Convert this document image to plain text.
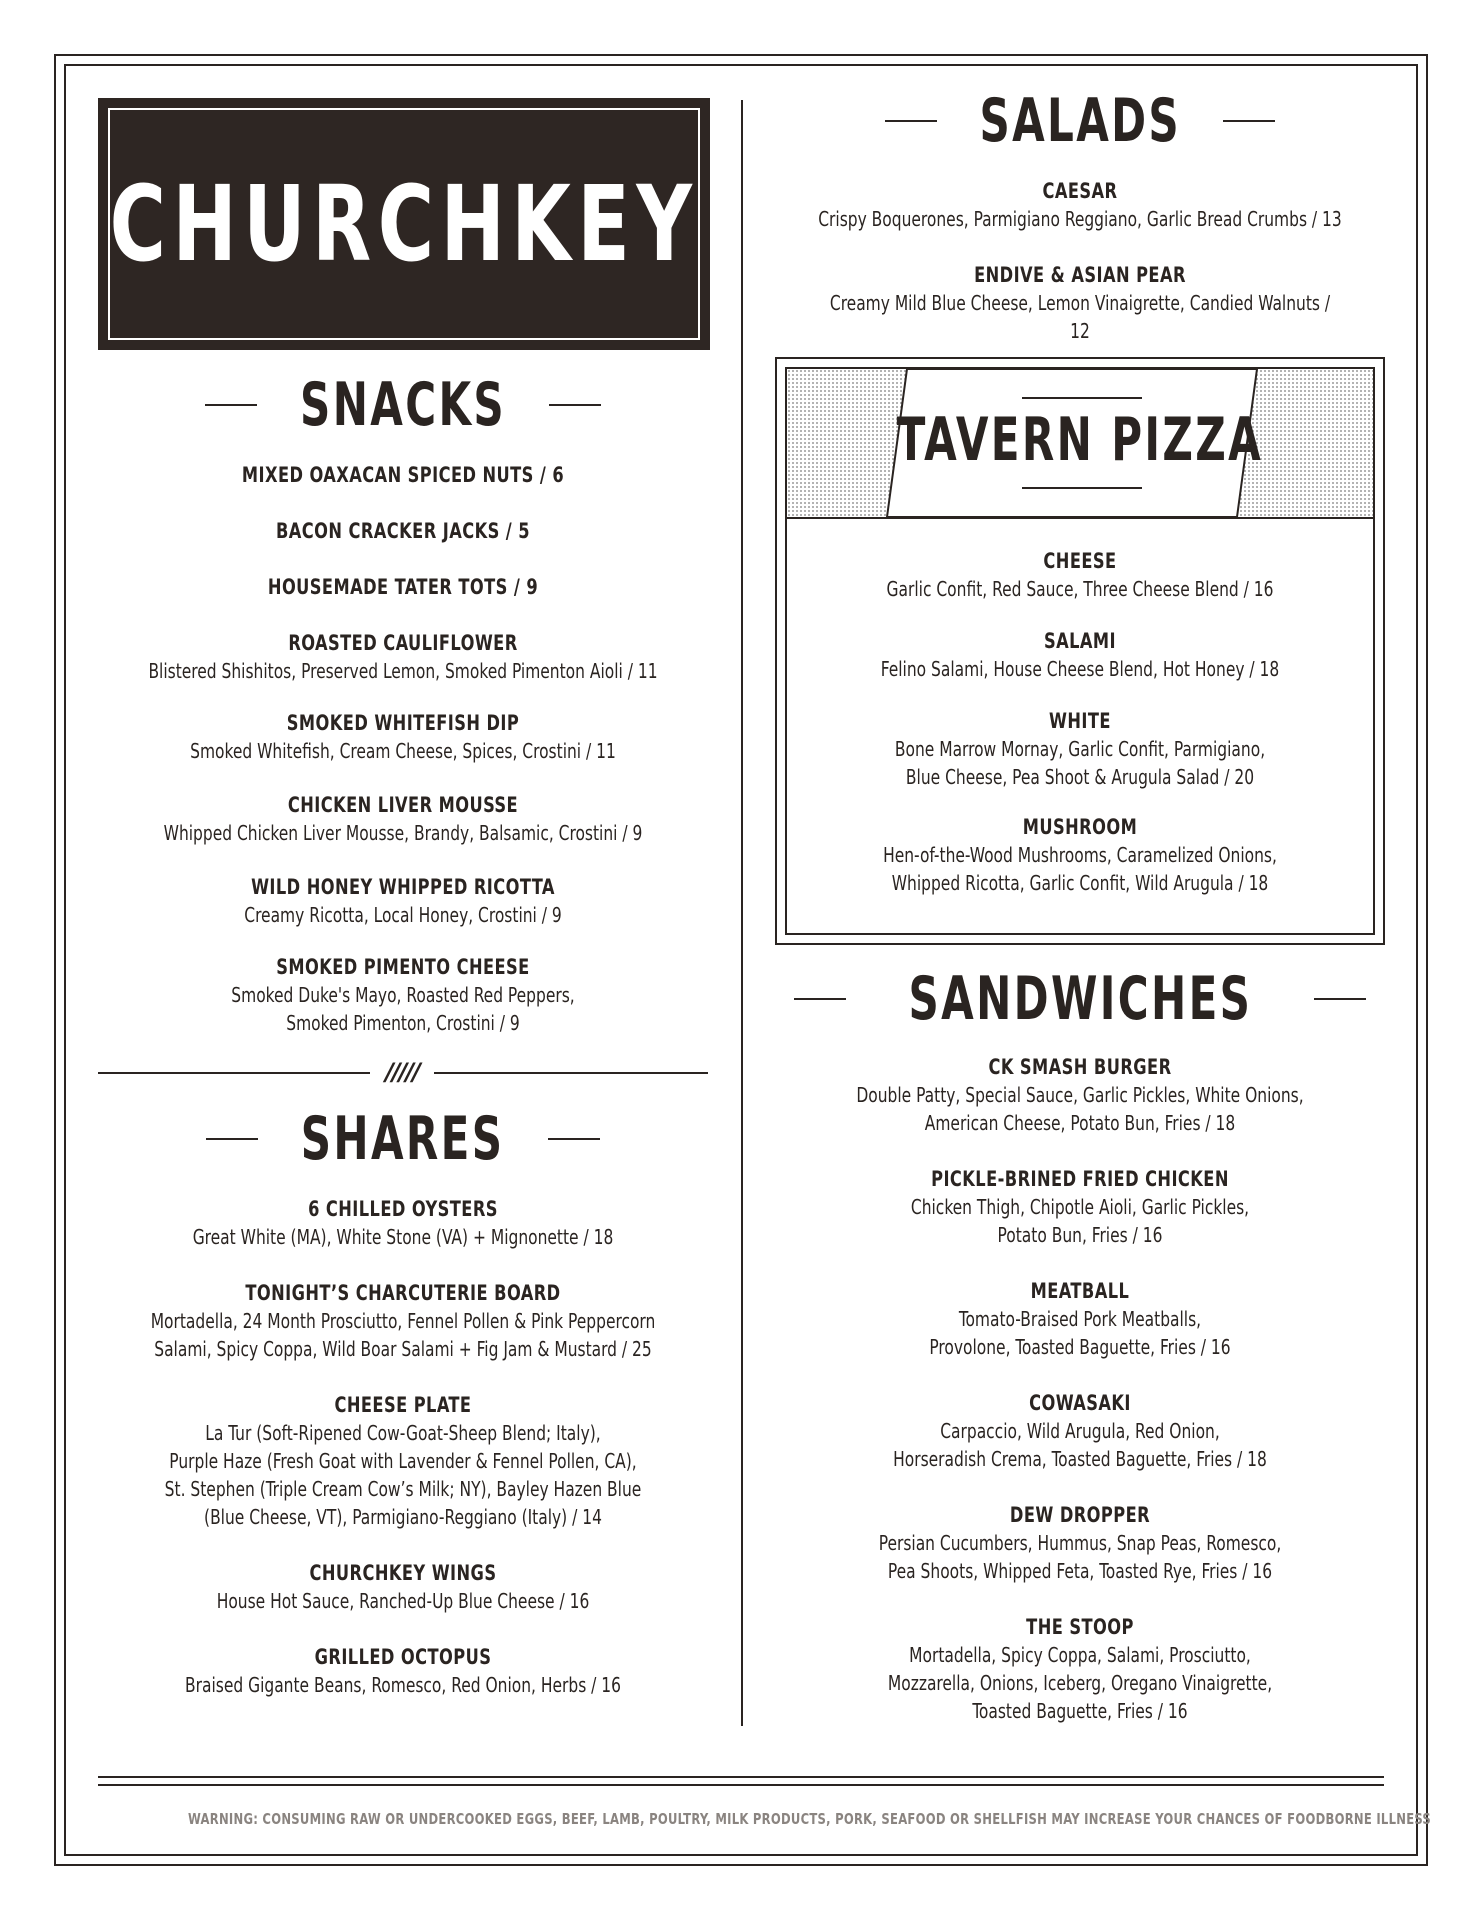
CHURCHKEY
SNACKS
MIXED OAXACAN SPICED NUTS / 6
BACON CRACKER JACKS / 5
HOUSEMADE TATER TOTS / 9
ROASTED CAULIFLOWER
Blistered Shishitos, Preserved Lemon, Smoked Pimenton Aioli / 11
SMOKED WHITEFISH DIP
Smoked Whitefish, Cream Cheese, Spices, Crostini / 11
CHICKEN LIVER MOUSSE
Whipped Chicken Liver Mousse, Brandy, Balsamic, Crostini / 9
WILD HONEY WHIPPED RICOTTA
Creamy Ricotta, Local Honey, Crostini / 9
SMOKED PIMENTO CHEESE
Smoked Duke's Mayo, Roasted Red Peppers,
Smoked Pimenton, Crostini / 9
/////
SHARES
6 CHILLED OYSTERS
Great White (MA), White Stone (VA) + Mignonette / 18
TONIGHT’S CHARCUTERIE BOARD
Mortadella, 24 Month Prosciutto, Fennel Pollen & Pink Peppercorn
Salami, Spicy Coppa, Wild Boar Salami + Fig Jam & Mustard / 25
CHEESE PLATE
La Tur (Soft-Ripened Cow-Goat-Sheep Blend; Italy),
Purple Haze (Fresh Goat with Lavender & Fennel Pollen, CA),
St. Stephen (Triple Cream Cow’s Milk; NY), Bayley Hazen Blue
(Blue Cheese, VT), Parmigiano-Reggiano (Italy) / 14
CHURCHKEY WINGS
House Hot Sauce, Ranched-Up Blue Cheese / 16
GRILLED OCTOPUS
Braised Gigante Beans, Romesco, Red Onion, Herbs / 16
SALADS
CAESAR
Crispy Boquerones, Parmigiano Reggiano, Garlic Bread Crumbs / 13
ENDIVE & ASIAN PEAR
Creamy Mild Blue Cheese, Lemon Vinaigrette, Candied Walnuts / 12
TAVERN PIZZA
CHEESE
Garlic Confit, Red Sauce, Three Cheese Blend / 16
SALAMI
Felino Salami, House Cheese Blend, Hot Honey / 18
WHITE
Bone Marrow Mornay, Garlic Confit, Parmigiano,
Blue Cheese, Pea Shoot & Arugula Salad / 20
MUSHROOM
Hen-of-the-Wood Mushrooms, Caramelized Onions,
Whipped Ricotta, Garlic Confit, Wild Arugula / 18
SANDWICHES
CK SMASH BURGER
Double Patty, Special Sauce, Garlic Pickles, White Onions,
American Cheese, Potato Bun, Fries / 18
PICKLE-BRINED FRIED CHICKEN
Chicken Thigh, Chipotle Aioli, Garlic Pickles,
Potato Bun, Fries / 16
MEATBALL
Tomato-Braised Pork Meatballs,
Provolone, Toasted Baguette, Fries / 16
COWASAKI
Carpaccio, Wild Arugula, Red Onion,
Horseradish Crema, Toasted Baguette, Fries / 18
DEW DROPPER
Persian Cucumbers, Hummus, Snap Peas, Romesco,
Pea Shoots, Whipped Feta, Toasted Rye, Fries / 16
THE STOOP
Mortadella, Spicy Coppa, Salami, Prosciutto,
Mozzarella, Onions, Iceberg, Oregano Vinaigrette,
Toasted Baguette, Fries / 16
WARNING: CONSUMING RAW OR UNDERCOOKED EGGS, BEEF, LAMB, POULTRY, MILK PRODUCTS, PORK, SEAFOOD OR SHELLFISH MAY INCREASE YOUR CHANCES OF FOODBORNE ILLNESS
